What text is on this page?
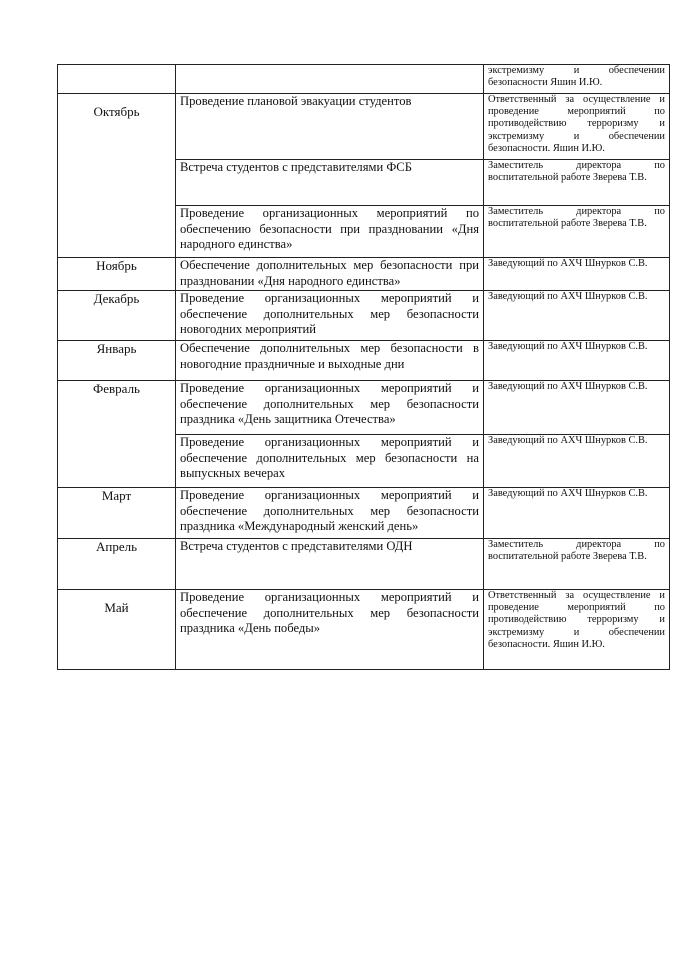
		экстремизму и обеспечении безопасности Яшин И.Ю.

Октябрь	Проведение плановой эвакуации студентов	Ответственный за осуществление и проведение мероприятий по противодействию терроризму и экстремизму и обеспечении безопасности. Яшин И.Ю.

	Встреча студентов с представителями ФСБ	Заместитель директора по воспитательной работе Зверева Т.В.

	Проведение организационных мероприятий по обеспечению безопасности при праздновании «Дня народного единства»	Заместитель директора по воспитательной работе Зверева Т.В.

Ноябрь	Обеспечение дополнительных мер безопасности при праздновании «Дня народного единства»	Заведующий по АХЧ Шнурков С.В.

Декабрь	Проведение организационных мероприятий и обеспечение дополнительных мер безопасности новогодних мероприятий	Заведующий по АХЧ Шнурков С.В.

Январь	Обеспечение дополнительных мер безопасности в новогодние праздничные и выходные дни	Заведующий по АХЧ Шнурков С.В.

Февраль	Проведение организационных мероприятий и обеспечение дополнительных мер безопасности праздника «День защитника Отечества»	Заведующий по АХЧ Шнурков С.В.

	Проведение организационных мероприятий и обеспечение дополнительных мер безопасности на выпускных вечерах	Заведующий по АХЧ Шнурков С.В.

Март	Проведение организационных мероприятий и обеспечение дополнительных мер безопасности праздника «Международный женский день»	Заведующий по АХЧ Шнурков С.В.

Апрель	Встреча студентов с представителями ОДН	Заместитель директора по воспитательной работе Зверева Т.В.

Май	Проведение организационных мероприятий и обеспечение дополнительных мер безопасности праздника «День победы»	Ответственный за осуществление и проведение мероприятий по противодействию терроризму и экстремизму и обеспечении безопасности. Яшин И.Ю.
